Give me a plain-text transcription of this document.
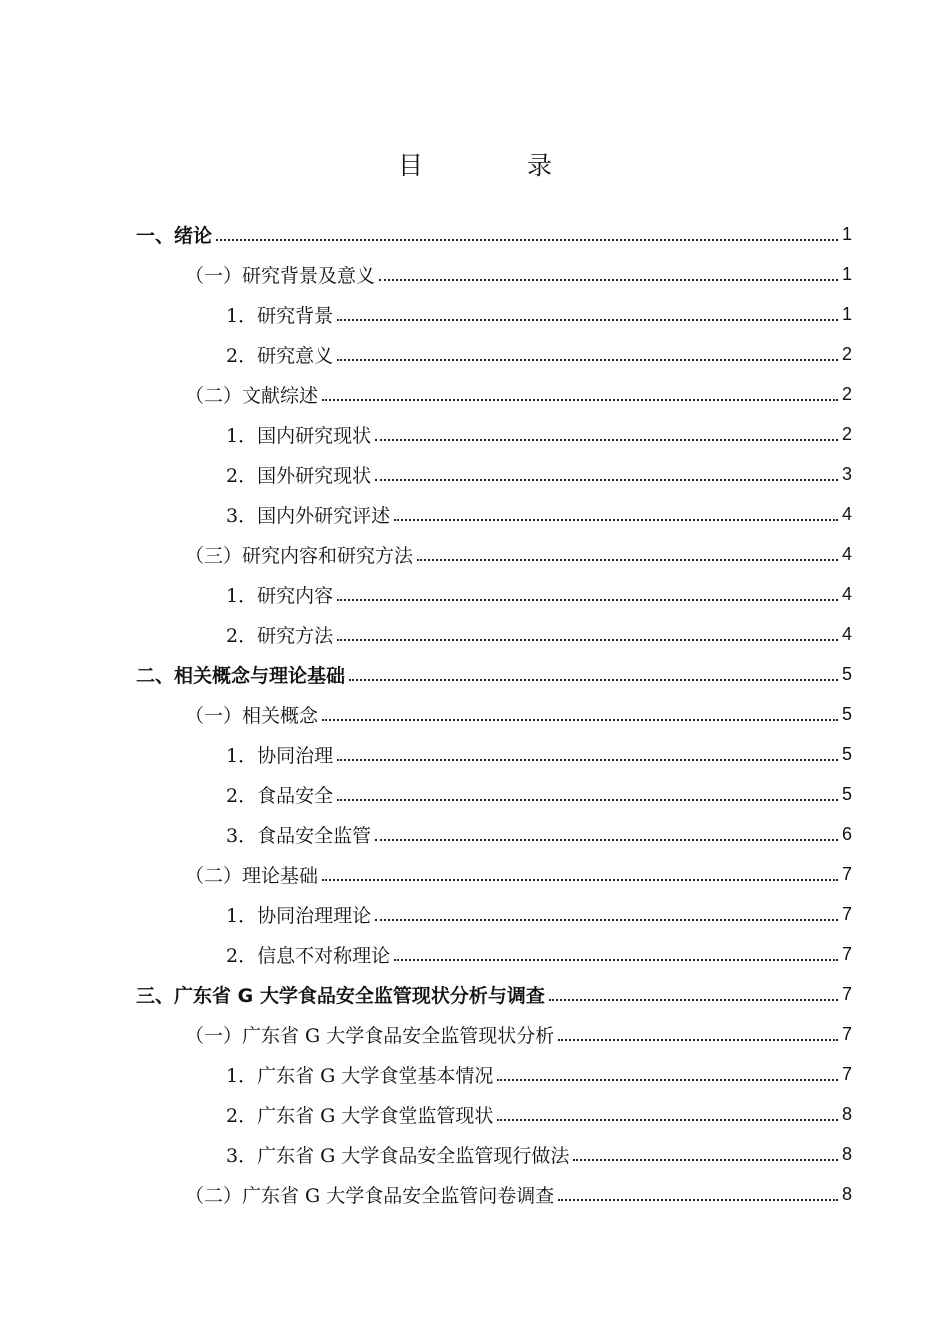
目 录
一、绪论	1
（一）研究背景及意义	1
1．研究背景	1
2．研究意义	2
（二）文献综述	2
1．国内研究现状	2
2．国外研究现状	3
3．国内外研究评述	4
（三）研究内容和研究方法	4
1．研究内容	4
2．研究方法	4
二、相关概念与理论基础	5
（一）相关概念	5
1．协同治理	5
2．食品安全	5
3．食品安全监管	6
（二）理论基础	7
1．协同治理理论	7
2．信息不对称理论	7
三、广东省 G 大学食品安全监管现状分析与调查	7
（一）广东省 G 大学食品安全监管现状分析	7
1．广东省 G 大学食堂基本情况	7
2．广东省 G 大学食堂监管现状	8
3．广东省 G 大学食品安全监管现行做法	8
（二）广东省 G 大学食品安全监管问卷调查	8
